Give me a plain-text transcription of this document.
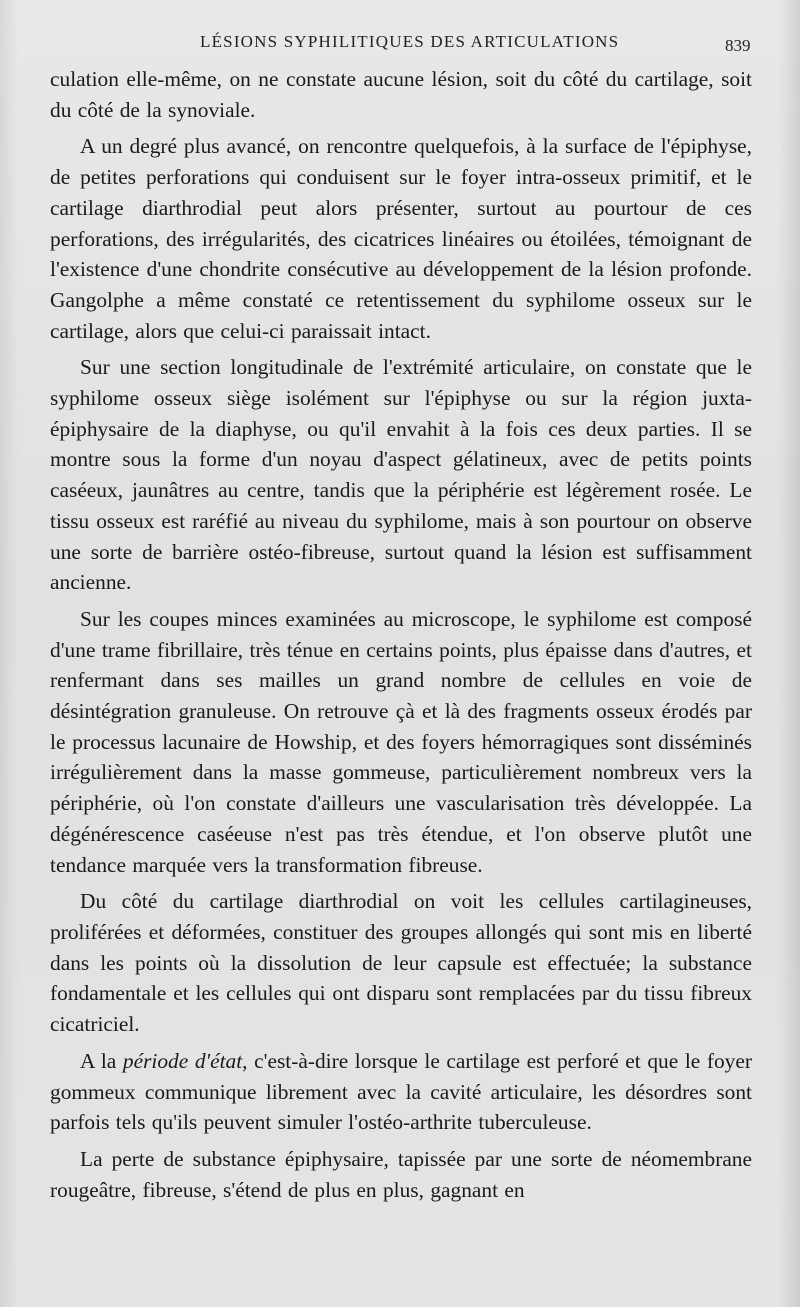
LÉSIONS SYPHILITIQUES DES ARTICULATIONS	839

culation elle-même, on ne constate aucune lésion, soit du côté du cartilage, soit du côté de la synoviale.

A un degré plus avancé, on rencontre quelquefois, à la surface de l'épiphyse, de petites perforations qui conduisent sur le foyer intra-osseux primitif, et le cartilage diarthrodial peut alors présenter, surtout au pourtour de ces perforations, des irrégularités, des cicatrices linéaires ou étoilées, témoignant de l'existence d'une chondrite consécutive au développement de la lésion profonde. Gangolphe a même constaté ce retentissement du syphilome osseux sur le cartilage, alors que celui-ci paraissait intact.

Sur une section longitudinale de l'extrémité articulaire, on constate que le syphilome osseux siège isolément sur l'épiphyse ou sur la région juxta-épiphysaire de la diaphyse, ou qu'il envahit à la fois ces deux parties. Il se montre sous la forme d'un noyau d'aspect gélatineux, avec de petits points caséeux, jaunâtres au centre, tandis que la périphérie est légèrement rosée. Le tissu osseux est raréfié au niveau du syphilome, mais à son pourtour on observe une sorte de barrière ostéo-fibreuse, surtout quand la lésion est suffisamment ancienne.

Sur les coupes minces examinées au microscope, le syphilome est composé d'une trame fibrillaire, très ténue en certains points, plus épaisse dans d'autres, et renfermant dans ses mailles un grand nombre de cellules en voie de désintégration granuleuse. On retrouve çà et là des fragments osseux érodés par le processus lacunaire de Howship, et des foyers hémorragiques sont disséminés irrégulièrement dans la masse gommeuse, particulièrement nombreux vers la périphérie, où l'on constate d'ailleurs une vascularisation très développée. La dégénérescence caséeuse n'est pas très étendue, et l'on observe plutôt une tendance marquée vers la transformation fibreuse.

Du côté du cartilage diarthrodial on voit les cellules cartilagineuses, proliférées et déformées, constituer des groupes allongés qui sont mis en liberté dans les points où la dissolution de leur capsule est effectuée; la substance fondamentale et les cellules qui ont disparu sont remplacées par du tissu fibreux cicatriciel.

A la période d'état, c'est-à-dire lorsque le cartilage est perforé et que le foyer gommeux communique librement avec la cavité articulaire, les désordres sont parfois tels qu'ils peuvent simuler l'ostéo-arthrite tuberculeuse.

La perte de substance épiphysaire, tapissée par une sorte de néomembrane rougeâtre, fibreuse, s'étend de plus en plus, gagnant en
